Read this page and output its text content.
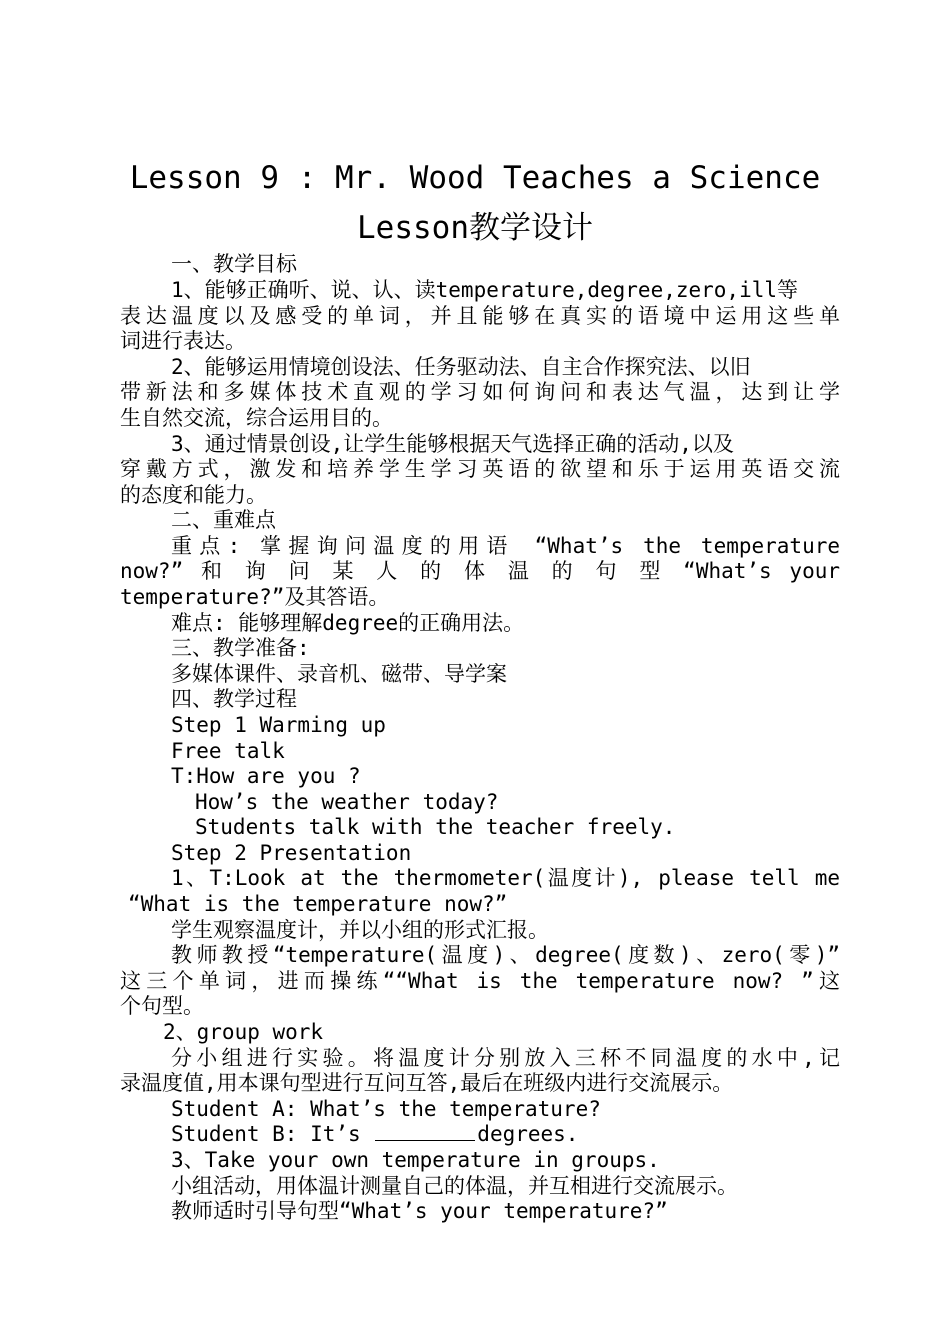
Lesson 9 : Mr. Wood Teaches a Science
Lesson教学设计
一、教学目标
1、能够正确听、说、认、读temperature,degree,zero,ill等
表达温度以及感受的单词，并且能够在真实的语境中运用这些单
词进行表达。
2、能够运用情境创设法、任务驱动法、自主合作探究法、以旧
带新法和多媒体技术直观的学习如何询问和表达气温，达到让学
生自然交流，综合运用目的。
3、通过情景创设,让学生能够根据天气选择正确的活动,以及
穿戴方式，激发和培养学生学习英语的欲望和乐于运用英语交流
的态度和能力。
二、重难点
重点: 掌握询问温度的用语 “What’s the temperature
now?” 和 询 问 某 人 的 体 温 的 句 型 “What’s your
temperature?”及其答语。
难点: 能够理解degree的正确用法。
三、教学准备:
多媒体课件、录音机、磁带、导学案
四、教学过程
Step 1 Warming up
Free talk
T:How are you ?
How’s the weather today?
Students talk with the teacher freely.
Step 2 Presentation
1、T:Look at the thermometer(温度计), please tell me
“What is the temperature now?”
学生观察温度计，并以小组的形式汇报。
教师教授“temperature(温度)、degree(度数)、zero(零)”
这三个单词，进而操练““What is the temperature now? ”这
个句型。
2、group work
分小组进行实验。将温度计分别放入三杯不同温度的水中,记
录温度值,用本课句型进行互问互答,最后在班级内进行交流展示。
Student A: What’s the temperature?
Student B: It’s	degrees.
3、Take your own temperature in groups.
小组活动，用体温计测量自己的体温，并互相进行交流展示。
教师适时引导句型“What’s your temperature?”
